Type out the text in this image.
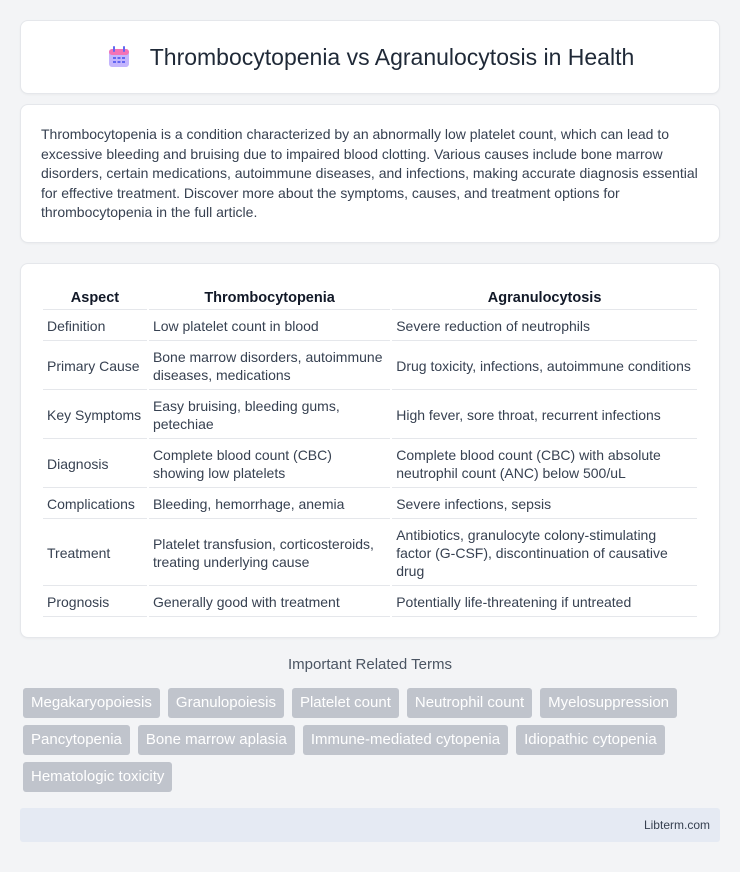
Thrombocytopenia vs Agranulocytosis in Health

Thrombocytopenia is a condition characterized by an abnormally low platelet count, which can lead to excessive bleeding and bruising due to impaired blood clotting. Various causes include bone marrow disorders, certain medications, autoimmune diseases, and infections, making accurate diagnosis essential for effective treatment. Discover more about the symptoms, causes, and treatment options for thrombocytopenia in the full article.

Aspect	Thrombocytopenia	Agranulocytosis
Definition	Low platelet count in blood	Severe reduction of neutrophils
Primary Cause	Bone marrow disorders, autoimmune diseases, medications	Drug toxicity, infections, autoimmune conditions
Key Symptoms	Easy bruising, bleeding gums, petechiae	High fever, sore throat, recurrent infections
Diagnosis	Complete blood count (CBC) showing low platelets	Complete blood count (CBC) with absolute neutrophil count (ANC) below 500/uL
Complications	Bleeding, hemorrhage, anemia	Severe infections, sepsis
Treatment	Platelet transfusion, corticosteroids, treating underlying cause	Antibiotics, granulocyte colony-stimulating factor (G-CSF), discontinuation of causative drug
Prognosis	Generally good with treatment	Potentially life-threatening if untreated
Important Related Terms
Megakaryopoiesis	Granulopoiesis	Platelet count	Neutrophil count	Myelosuppression
Pancytopenia	Bone marrow aplasia	Immune-mediated cytopenia	Idiopathic cytopenia
Hematologic toxicity
Libterm.com
